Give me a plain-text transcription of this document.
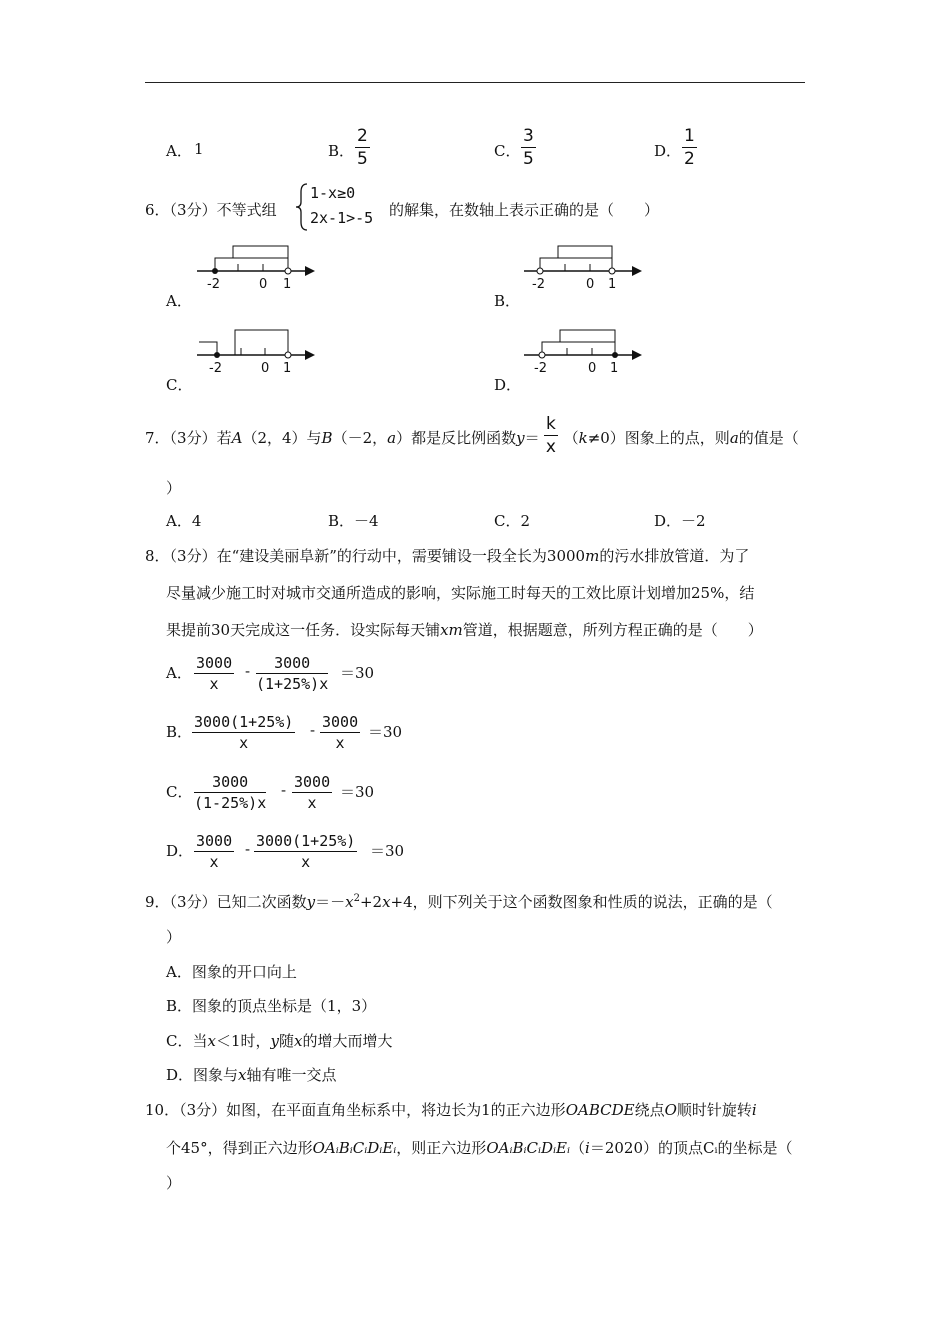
A． 1	B． $\frac{2}{5}$	C． $\frac{3}{5}$	D． $\frac{1}{2}$
6．（3分）不等式组
1-x≥0
2x-1>-5 的解集，在数轴上表示正确的是（　　）
A．
-2	0 1
B．
-2	0 1
C．
-2	0 1
D．
-2	0 1
7．（3分）若A（2，4）与B（－2，a）都是反比例函数y＝ （k≠0）图象上的点，则a的值是（
$\frac{k}{x}$
）
A．4	B．－4	C．2	D．－2
8．（3分）在“建设美丽阜新”的行动中，需要铺设一段全长为3000m的污水排放管道．为了
尽量减少施工时对城市交通所造成的影响，实际施工时每天的工效比原计划增加25%，结
果提前30天完成这一任务．设实际每天铺xm管道，根据题意，所列方程正确的是（　　）
A． $\frac{3000}{x} - \frac{3000}{(1+25\%)x} =30$
B． $\frac{3000(1+25\%)}{x} - \frac{3000}{x} =30$
C． $\frac{3000}{(1-25\%)x} - \frac{3000}{x} =30$
D． $\frac{3000}{x} - \frac{3000(1+25\%)}{x} =30$
9．（3分）已知二次函数$y=-x^2+2x+4$，则下列关于这个函数图象和性质的说法，正确的是（
）
A．图象的开口向上
B．图象的顶点坐标是（1，3）
C．当x＜1时，y随x的增大而增大
D．图象与x轴有唯一交点
10．（3分）如图，在平面直角坐标系中，将边长为1的正六边形OABCDE绕点O顺时针旋转i
个45°，得到正六边形OAᵢBᵢCᵢDᵢEᵢ，则正六边形OAᵢBᵢCᵢDᵢEᵢ（i＝2020）的顶点Cᵢ的坐标是（
）
